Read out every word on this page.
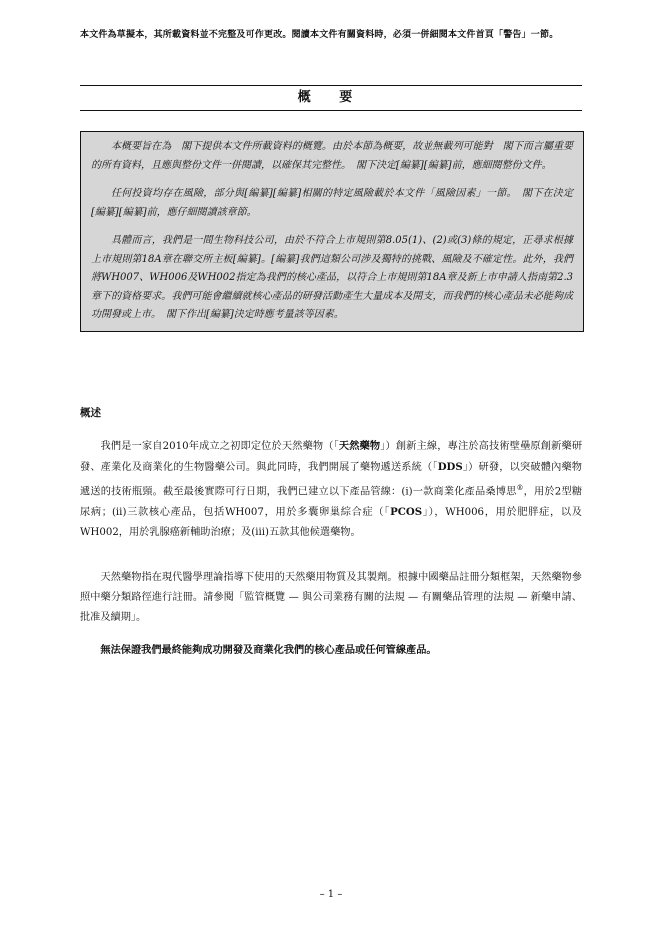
本文件為草擬本，其所載資料並不完整及可作更改。閱讀本文件有關資料時，必須一併細閱本文件首頁「警告」一節。
概 要

本概要旨在為　閣下提供本文件所載資料的概覽。由於本節為概要，故並無載列可能對　閣下而言屬重要的所有資料，且應與整份文件一併閱讀，以確保其完整性。　閣下決定[編纂][編纂]前，應細閱整份文件。

任何投資均存在風險，部分與[編纂][編纂]相關的特定風險載於本文件「風險因素」一節。　閣下在決定[編纂][編纂]前，應仔細閱讀該章節。

具體而言，我們是一間生物科技公司，由於不符合上市規則第8.05(1)、(2)或(3)條的規定，正尋求根據上市規則第18A章在聯交所主板[編纂]。[編纂]我們這類公司涉及獨特的挑戰、風險及不確定性。此外，我們將WH007、WH006及WH002指定為我們的核心產品，以符合上市規則第18A章及新上市申請人指南第2.3章下的資格要求。我們可能會繼續就核心產品的研發活動產生大量成本及開支，而我們的核心產品未必能夠成功開發或上市。　閣下作出[編纂]決定時應考量該等因素。

概述

我們是一家自2010年成立之初即定位於天然藥物（「天然藥物」）創新主線，專注於高技術壁壘原創新藥研發、產業化及商業化的生物醫藥公司。與此同時，我們開展了藥物遞送系統（「DDS」）研發，以突破體內藥物遞送的技術瓶頸。截至最後實際可行日期，我們已建立以下產品管線：(i)一款商業化產品桑博思®，用於2型糖尿病；(ii)三款核心產品，包括WH007，用於多囊卵巢綜合症（「PCOS」），WH006，用於肥胖症，以及WH002，用於乳腺癌新輔助治療；及(iii)五款其他候選藥物。

天然藥物指在現代醫學理論指導下使用的天然藥用物質及其製劑。根據中國藥品註冊分類框架，天然藥物參照中藥分類路徑進行註冊。請參閱「監管概覽 — 與公司業務有關的法規 — 有關藥品管理的法規 — 新藥申請、批准及續期」。

無法保證我們最終能夠成功開發及商業化我們的核心產品或任何管線產品。

– 1 –
